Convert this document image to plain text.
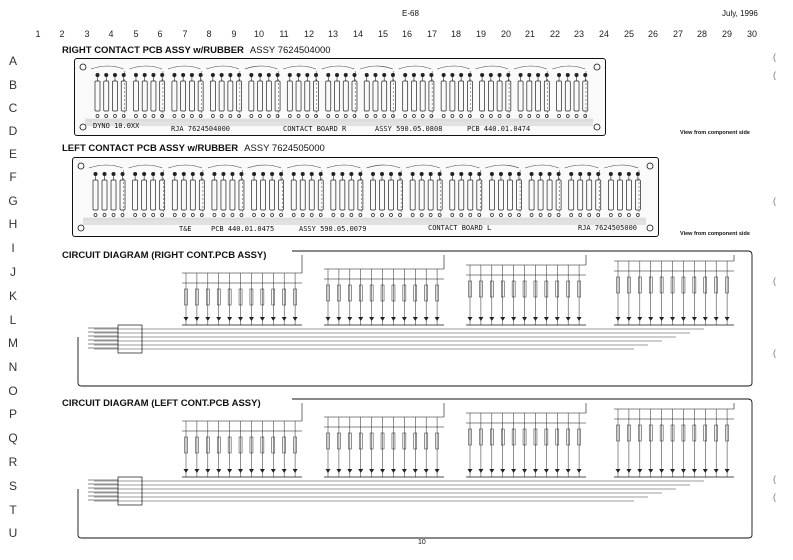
E-68	July, 1996
1	2	3	4	5	6	7	8	9	10 11 12 13 14 15 16 17 18 19 20 21 22 23 24 25 26 27 28 29 30
A
B
C
D
E
F
G
H
I
J
K
L
M
N
O
P
Q
R
S
T
U
(
(
(
(
(
(
(
RIGHT CONTACT PCB ASSY w/RUBBER ASSY 7624504000
DYNO 10.0XX	RJA 7624504000	CONTACT BOARD R	ASSY 590.05.0808	PCB 440.01.0474	View from component side
LEFT CONTACT PCB ASSY w/RUBBER ASSY 7624505000
T&E	PCB 440.01.0475	ASSY 590.05.0079	CONTACT BOARD L	RJA 7624505000
View from component side
CIRCUIT DIAGRAM (RIGHT CONT.PCB ASSY)
CIRCUIT DIAGRAM (LEFT CONT.PCB ASSY)
10
